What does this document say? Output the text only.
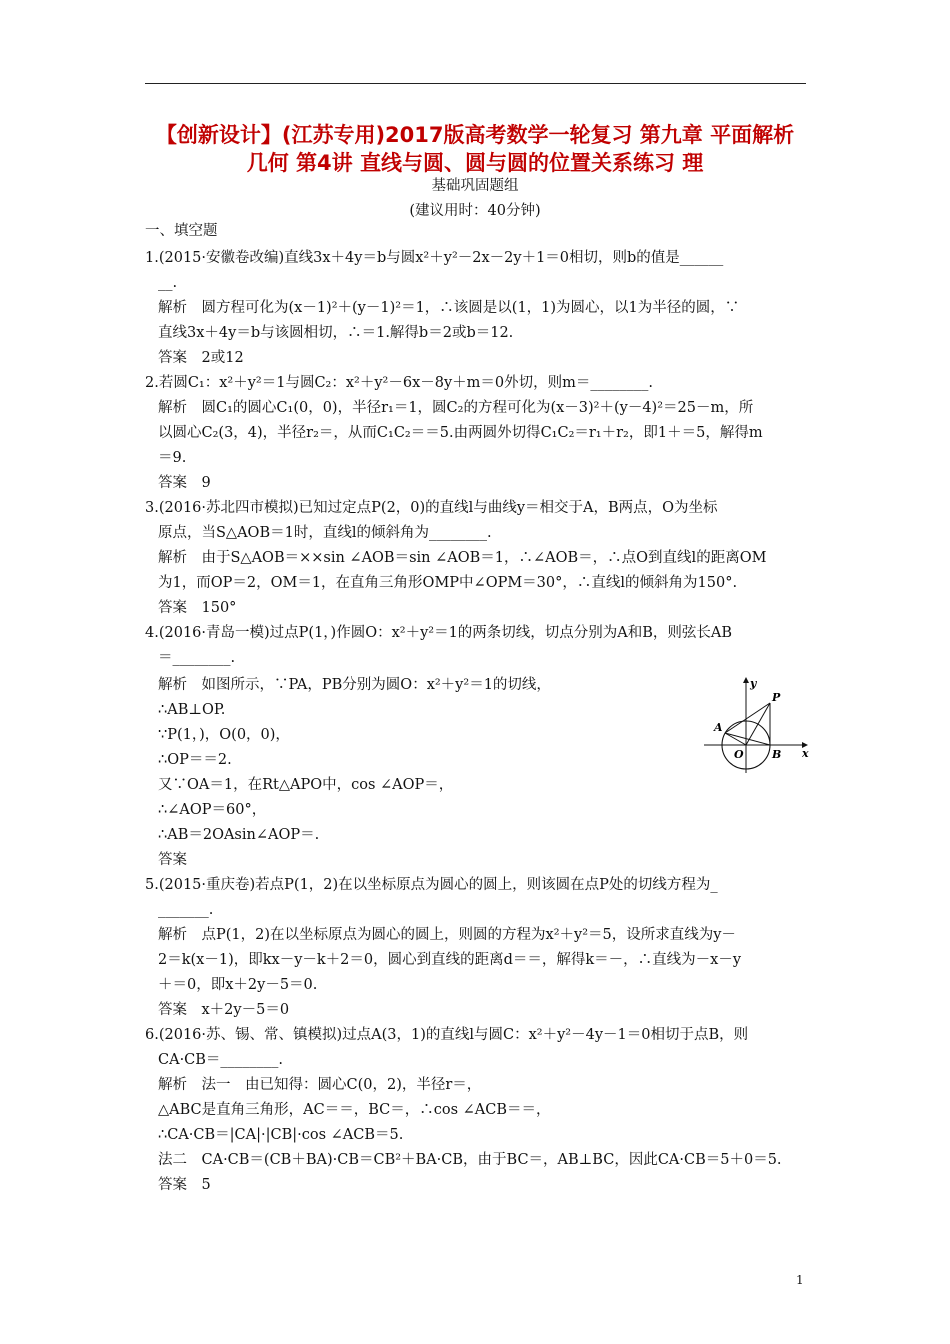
【创新设计】(江苏专用)2017版高考数学一轮复习 第九章 平面解析
几何 第4讲 直线与圆、圆与圆的位置关系练习 理
基础巩固题组
(建议用时：40分钟)
一、填空题
1.(2015·安徽卷改编)直线3x＋4y＝b与圆x²＋y²－2x－2y＋1＝0相切，则b的值是______
__.
解析　圆方程可化为(x－1)²＋(y－1)²＝1，∴该圆是以(1，1)为圆心，以1为半径的圆，∵
直线3x＋4y＝b与该圆相切，∴＝1.解得b＝2或b＝12.
答案　2或12
2.若圆C₁：x²＋y²＝1与圆C₂：x²＋y²－6x－8y＋m＝0外切，则m＝________.
解析　圆C₁的圆心C₁(0，0)，半径r₁＝1，圆C₂的方程可化为(x－3)²＋(y－4)²＝25－m，所
以圆心C₂(3，4)，半径r₂＝，从而C₁C₂＝＝5.由两圆外切得C₁C₂＝r₁＋r₂，即1＋＝5，解得m
＝9.
答案　9
3.(2016·苏北四市模拟)已知过定点P(2，0)的直线l与曲线y＝相交于A，B两点，O为坐标
原点，当S△AOB＝1时，直线l的倾斜角为________.
解析　由于S△AOB＝××sin ∠AOB＝sin ∠AOB＝1，∴∠AOB＝，∴点O到直线l的距离OM
为1，而OP＝2，OM＝1，在直角三角形OMP中∠OPM＝30°，∴直线l的倾斜角为150°.
答案　150°
4.(2016·青岛一模)过点P(1，)作圆O：x²＋y²＝1的两条切线，切点分别为A和B，则弦长AB
＝________.
解析　如图所示，∵PA，PB分别为圆O：x²＋y²＝1的切线，
∴AB⊥OP.
∵P(1，)，O(0，0)，
∴OP＝＝2.
又∵OA＝1，在Rt△APO中，cos ∠AOP＝，
∴∠AOP＝60°，
∴AB＝2OAsin∠AOP＝.
答案
y
x
P
A
O	B
5.(2015·重庆卷)若点P(1，2)在以坐标原点为圆心的圆上，则该圆在点P处的切线方程为_
_______.
解析　点P(1，2)在以坐标原点为圆心的圆上，则圆的方程为x²＋y²＝5，设所求直线为y－
2＝k(x－1)，即kx－y－k＋2＝0，圆心到直线的距离d＝＝，解得k＝－，∴直线为－x－y
＋＝0，即x＋2y－5＝0.
答案　x＋2y－5＝0
6.(2016·苏、锡、常、镇模拟)过点A(3，1)的直线l与圆C：x²＋y²－4y－1＝0相切于点B，则
CA·CB＝________.
解析　法一　由已知得：圆心C(0，2)，半径r＝，
△ABC是直角三角形，AC＝＝，BC＝，∴cos ∠ACB＝＝，
∴CA·CB＝|CA|·|CB|·cos ∠ACB＝5.
法二　CA·CB＝(CB＋BA)·CB＝CB²＋BA·CB，由于BC＝，AB⊥BC，因此CA·CB＝5＋0＝5.
答案　5
1
